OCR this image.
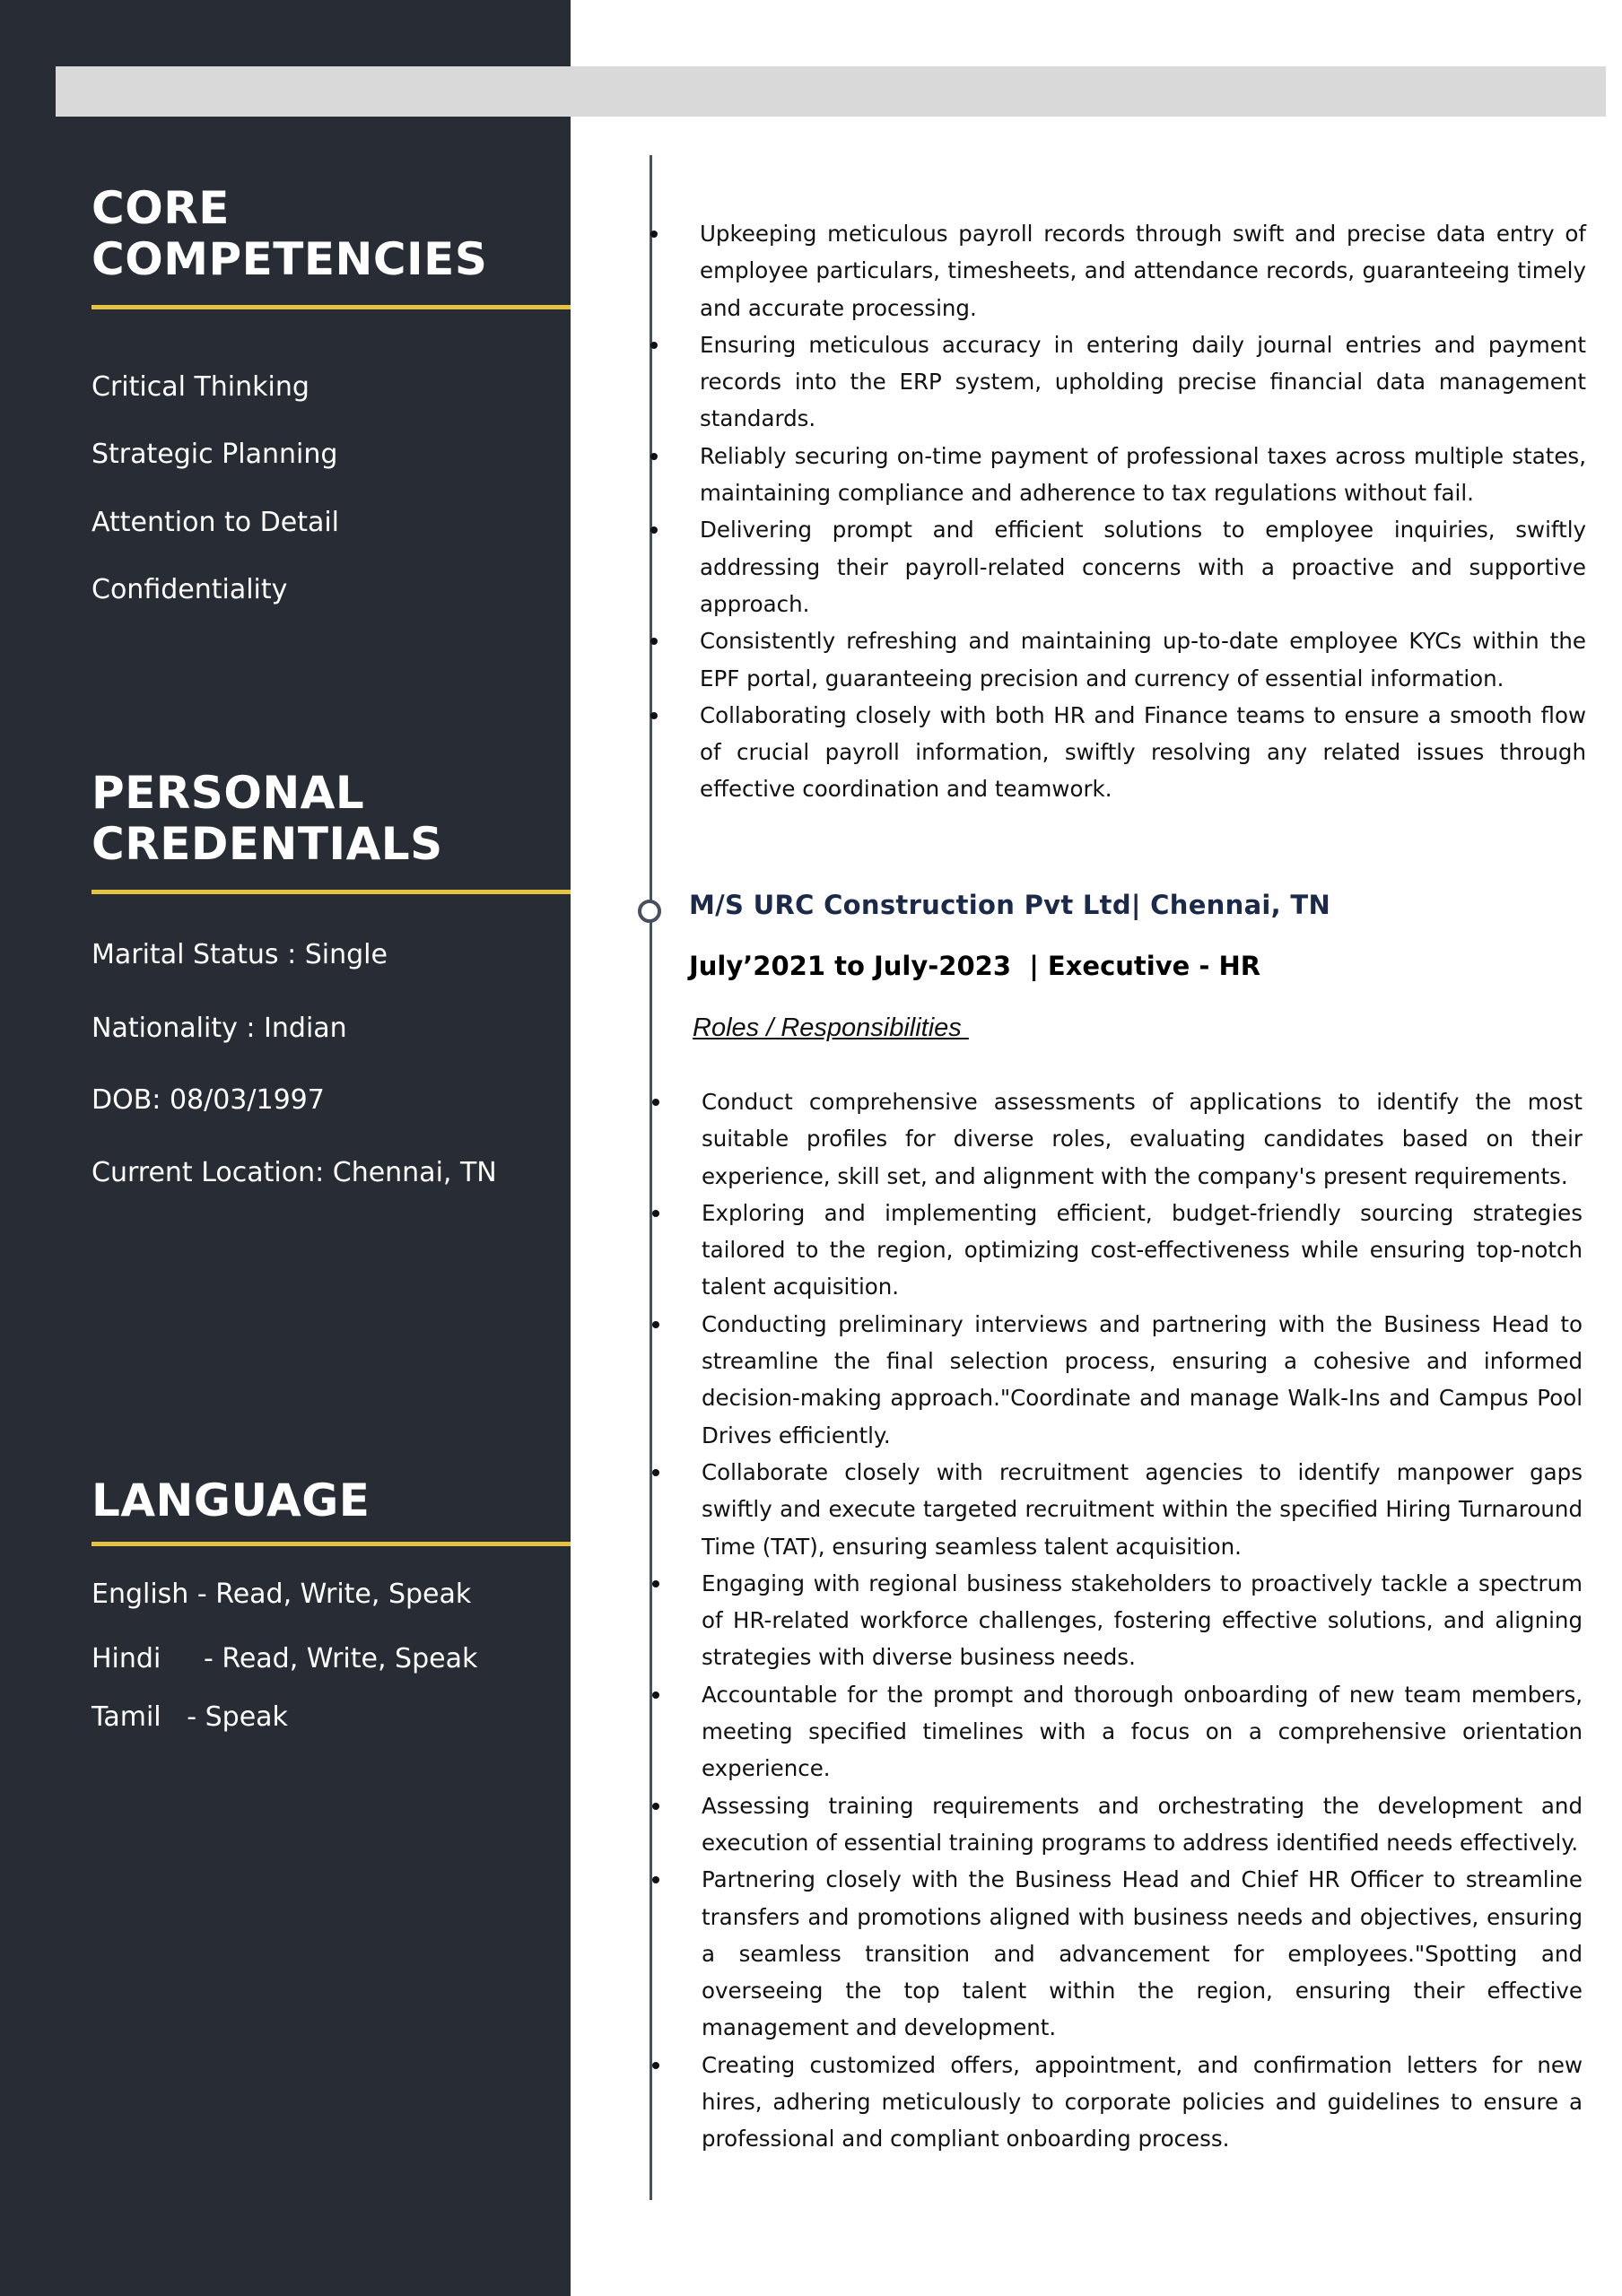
CORE
COMPETENCIES
Critical Thinking
Strategic Planning
Attention to Detail
Confidentiality
PERSONAL
CREDENTIALS
Marital Status : Single
Nationality : Indian
DOB: 08/03/1997
Current Location: Chennai, TN
LANGUAGE
English - Read, Write, Speak
Hindi     - Read, Write, Speak
Tamil   - Speak
Upkeeping meticulous payroll records through swift and precise data entry of employee particulars, timesheets, and attendance records, guaranteeing timely and accurate processing.
Ensuring meticulous accuracy in entering daily journal entries and payment records into the ERP system, upholding precise financial data management standards.
Reliably securing on-time payment of professional taxes across multiple states, maintaining compliance and adherence to tax regulations without fail.
Delivering prompt and efficient solutions to employee inquiries, swiftly addressing their payroll-related concerns with a proactive and supportive approach.
Consistently refreshing and maintaining up-to-date employee KYCs within the EPF portal, guaranteeing precision and currency of essential information.
Collaborating closely with both HR and Finance teams to ensure a smooth flow of crucial payroll information, swiftly resolving any related issues through effective coordination and teamwork.
M/S URC Construction Pvt Ltd| Chennai, TN
July’2021 to July-2023  | Executive - HR
Roles / Responsibilities
Conduct comprehensive assessments of applications to identify the most suitable profiles for diverse roles, evaluating candidates based on their experience, skill set, and alignment with the company's present requirements.
Exploring and implementing efficient, budget-friendly sourcing strategies tailored to the region, optimizing cost-effectiveness while ensuring top-notch talent acquisition.
Conducting preliminary interviews and partnering with the Business Head to streamline the final selection process, ensuring a cohesive and informed decision-making approach."Coordinate and manage Walk-Ins and Campus Pool Drives efficiently.
Collaborate closely with recruitment agencies to identify manpower gaps swiftly and execute targeted recruitment within the specified Hiring Turnaround Time (TAT), ensuring seamless talent acquisition.
Engaging with regional business stakeholders to proactively tackle a spectrum of HR-related workforce challenges, fostering effective solutions, and aligning strategies with diverse business needs.
Accountable for the prompt and thorough onboarding of new team members, meeting specified timelines with a focus on a comprehensive orientation experience.
Assessing training requirements and orchestrating the development and execution of essential training programs to address identified needs effectively.
Partnering closely with the Business Head and Chief HR Officer to streamline transfers and promotions aligned with business needs and objectives, ensuring a seamless transition and advancement for employees."Spotting and overseeing the top talent within the region, ensuring their effective management and development.
Creating customized offers, appointment, and confirmation letters for new hires, adhering meticulously to corporate policies and guidelines to ensure a professional and compliant onboarding process.
